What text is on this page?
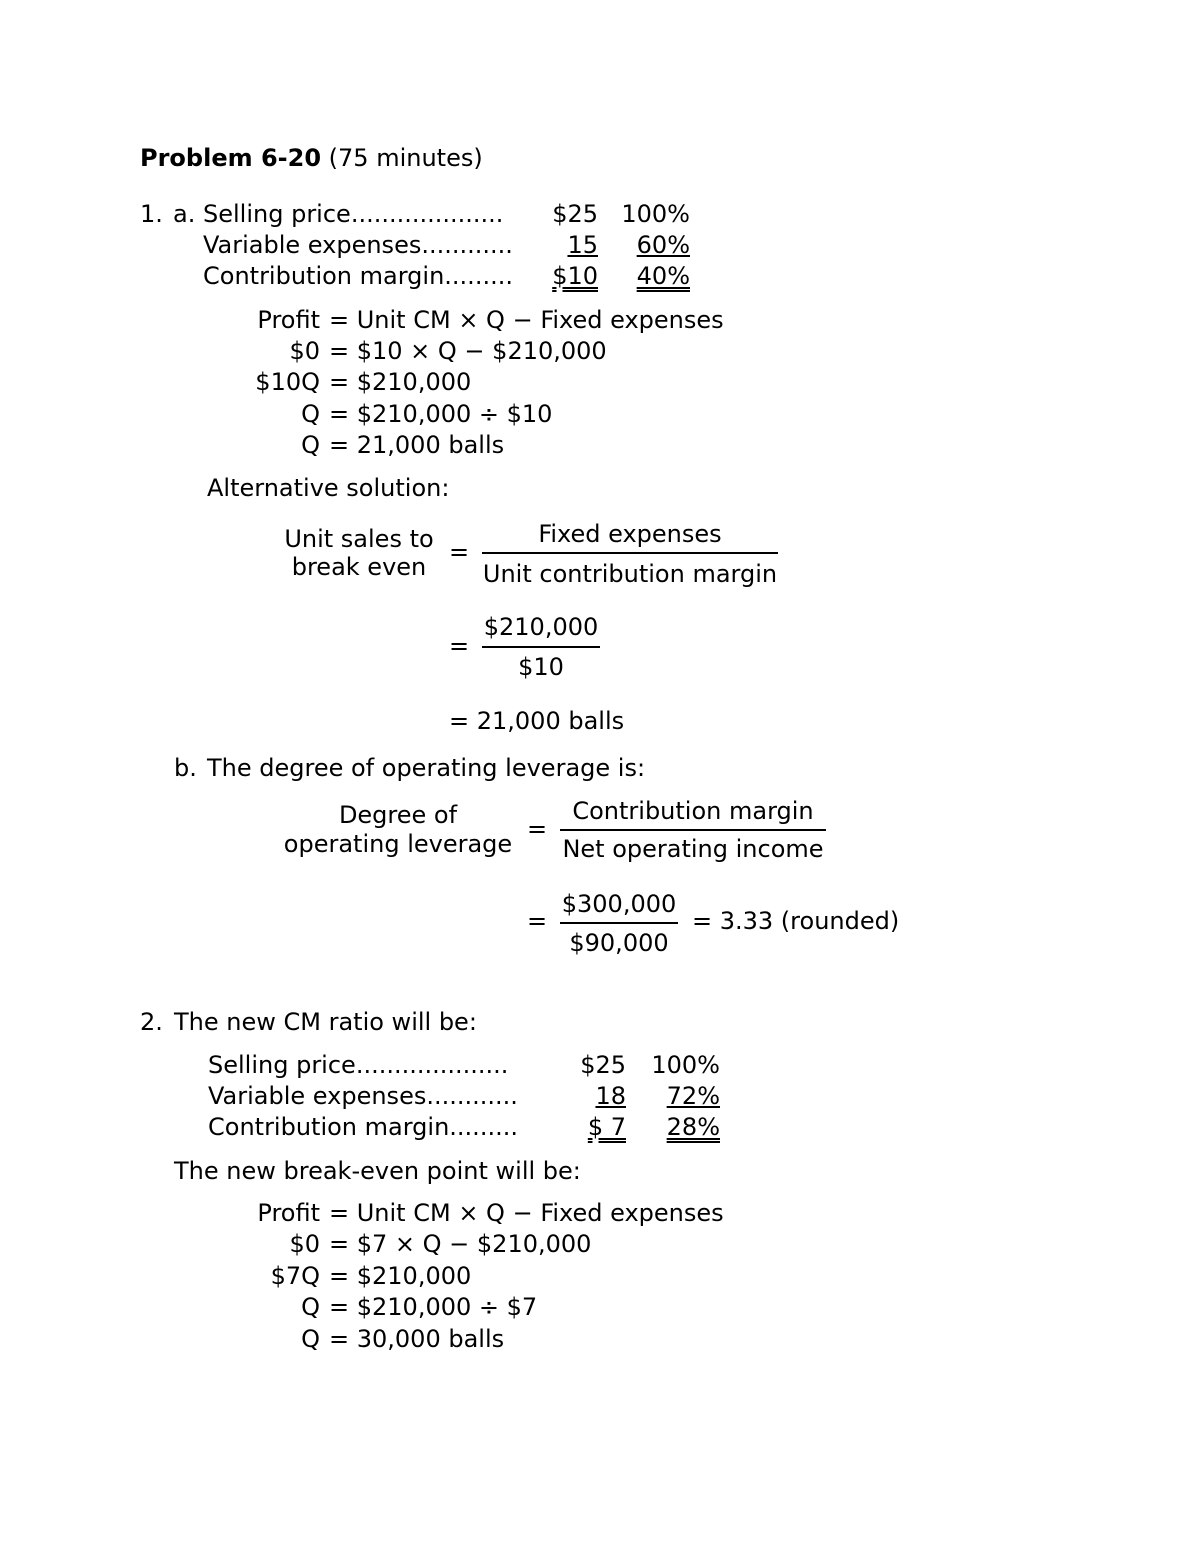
Problem 6-20 (75 minutes)
1. a. Selling price....................	$25 100%
Variable expenses............	15	60%
Contribution margin.........	$10	40%
Profit = Unit CM × Q − Fixed expenses
$0 = $10 × Q − $210,000
$10Q = $210,000
Q = $210,000 ÷ $10
Q = 21,000 balls
Alternative solution:
Unit sales to
break even
=
Fixed expenses
Unit contribution margin
=
$210,000
$10
= 21,000 balls
b. The degree of operating leverage is:
Degree of
operating leverage
=
Contribution margin
Net operating income
=
$300,000
$90,000
= 3.33 (rounded)
2. The new CM ratio will be:
Selling price....................	$25	100%
Variable expenses............	18	72%
Contribution margin.........	$ 7	28%
The new break-even point will be:
Profit = Unit CM × Q − Fixed expenses
$0 = $7 × Q − $210,000
$7Q = $210,000
Q = $210,000 ÷ $7
Q = 30,000 balls
